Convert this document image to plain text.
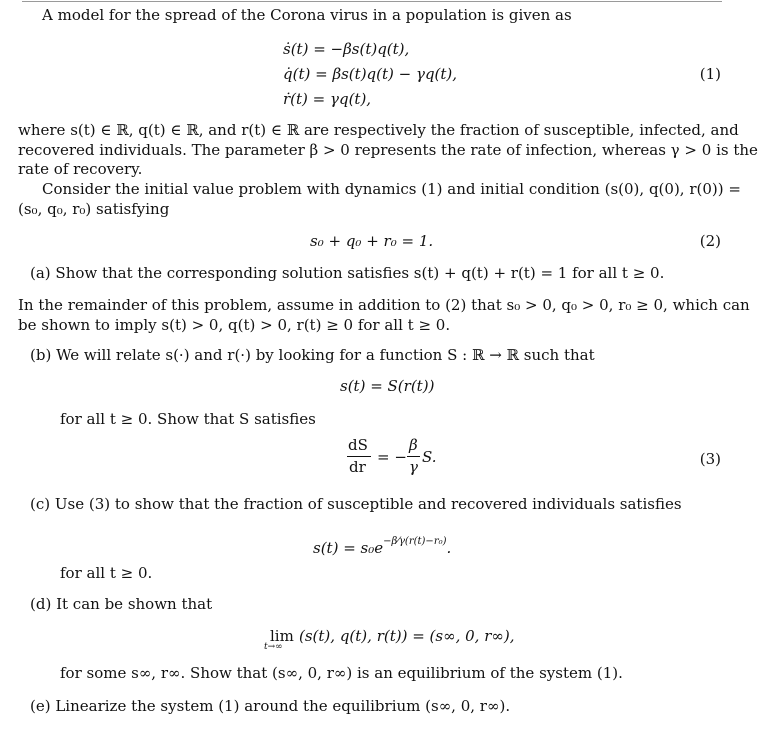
A model for the spread of the Corona virus in a population is given as
ṡ(t) = −βs(t)q(t),
q̇(t) = βs(t)q(t) − γq(t),
ṙ(t) = γq(t),
(1)
where s(t) ∈ ℝ, q(t) ∈ ℝ, and r(t) ∈ ℝ are respectively the fraction of susceptible, infected, and
recovered individuals. The parameter β > 0 represents the rate of infection, whereas γ > 0 is the
rate of recovery.
Consider the initial value problem with dynamics (1) and initial condition (s(0), q(0), r(0)) =
(s₀, q₀, r₀) satisfying
s₀ + q₀ + r₀ = 1.	(2)
(a) Show that the corresponding solution satisfies s(t) + q(t) + r(t) = 1 for all t ≥ 0.
In the remainder of this problem, assume in addition to (2) that s₀ > 0, q₀ > 0, r₀ ≥ 0, which can
be shown to imply s(t) > 0, q(t) > 0, r(t) ≥ 0 for all t ≥ 0.
(b) We will relate s(·) and r(·) by looking for a function S : ℝ → ℝ such that
s(t) = S(r(t))
for all t ≥ 0. Show that S satisfies
dS
dr
= −
β
γ
S.	(3)
(c) Use (3) to show that the fraction of susceptible and recovered individuals satisfies
$s(t) = s_0e^{-\beta⁄\gamma(r(t)-r_0)}$.
for all t ≥ 0.
(d) It can be shown that
lim
t→∞
(s(t), q(t), r(t)) = (s∞, 0, r∞),
for some s∞, r∞. Show that (s∞, 0, r∞) is an equilibrium of the system (1).
(e) Linearize the system (1) around the equilibrium (s∞, 0, r∞).
